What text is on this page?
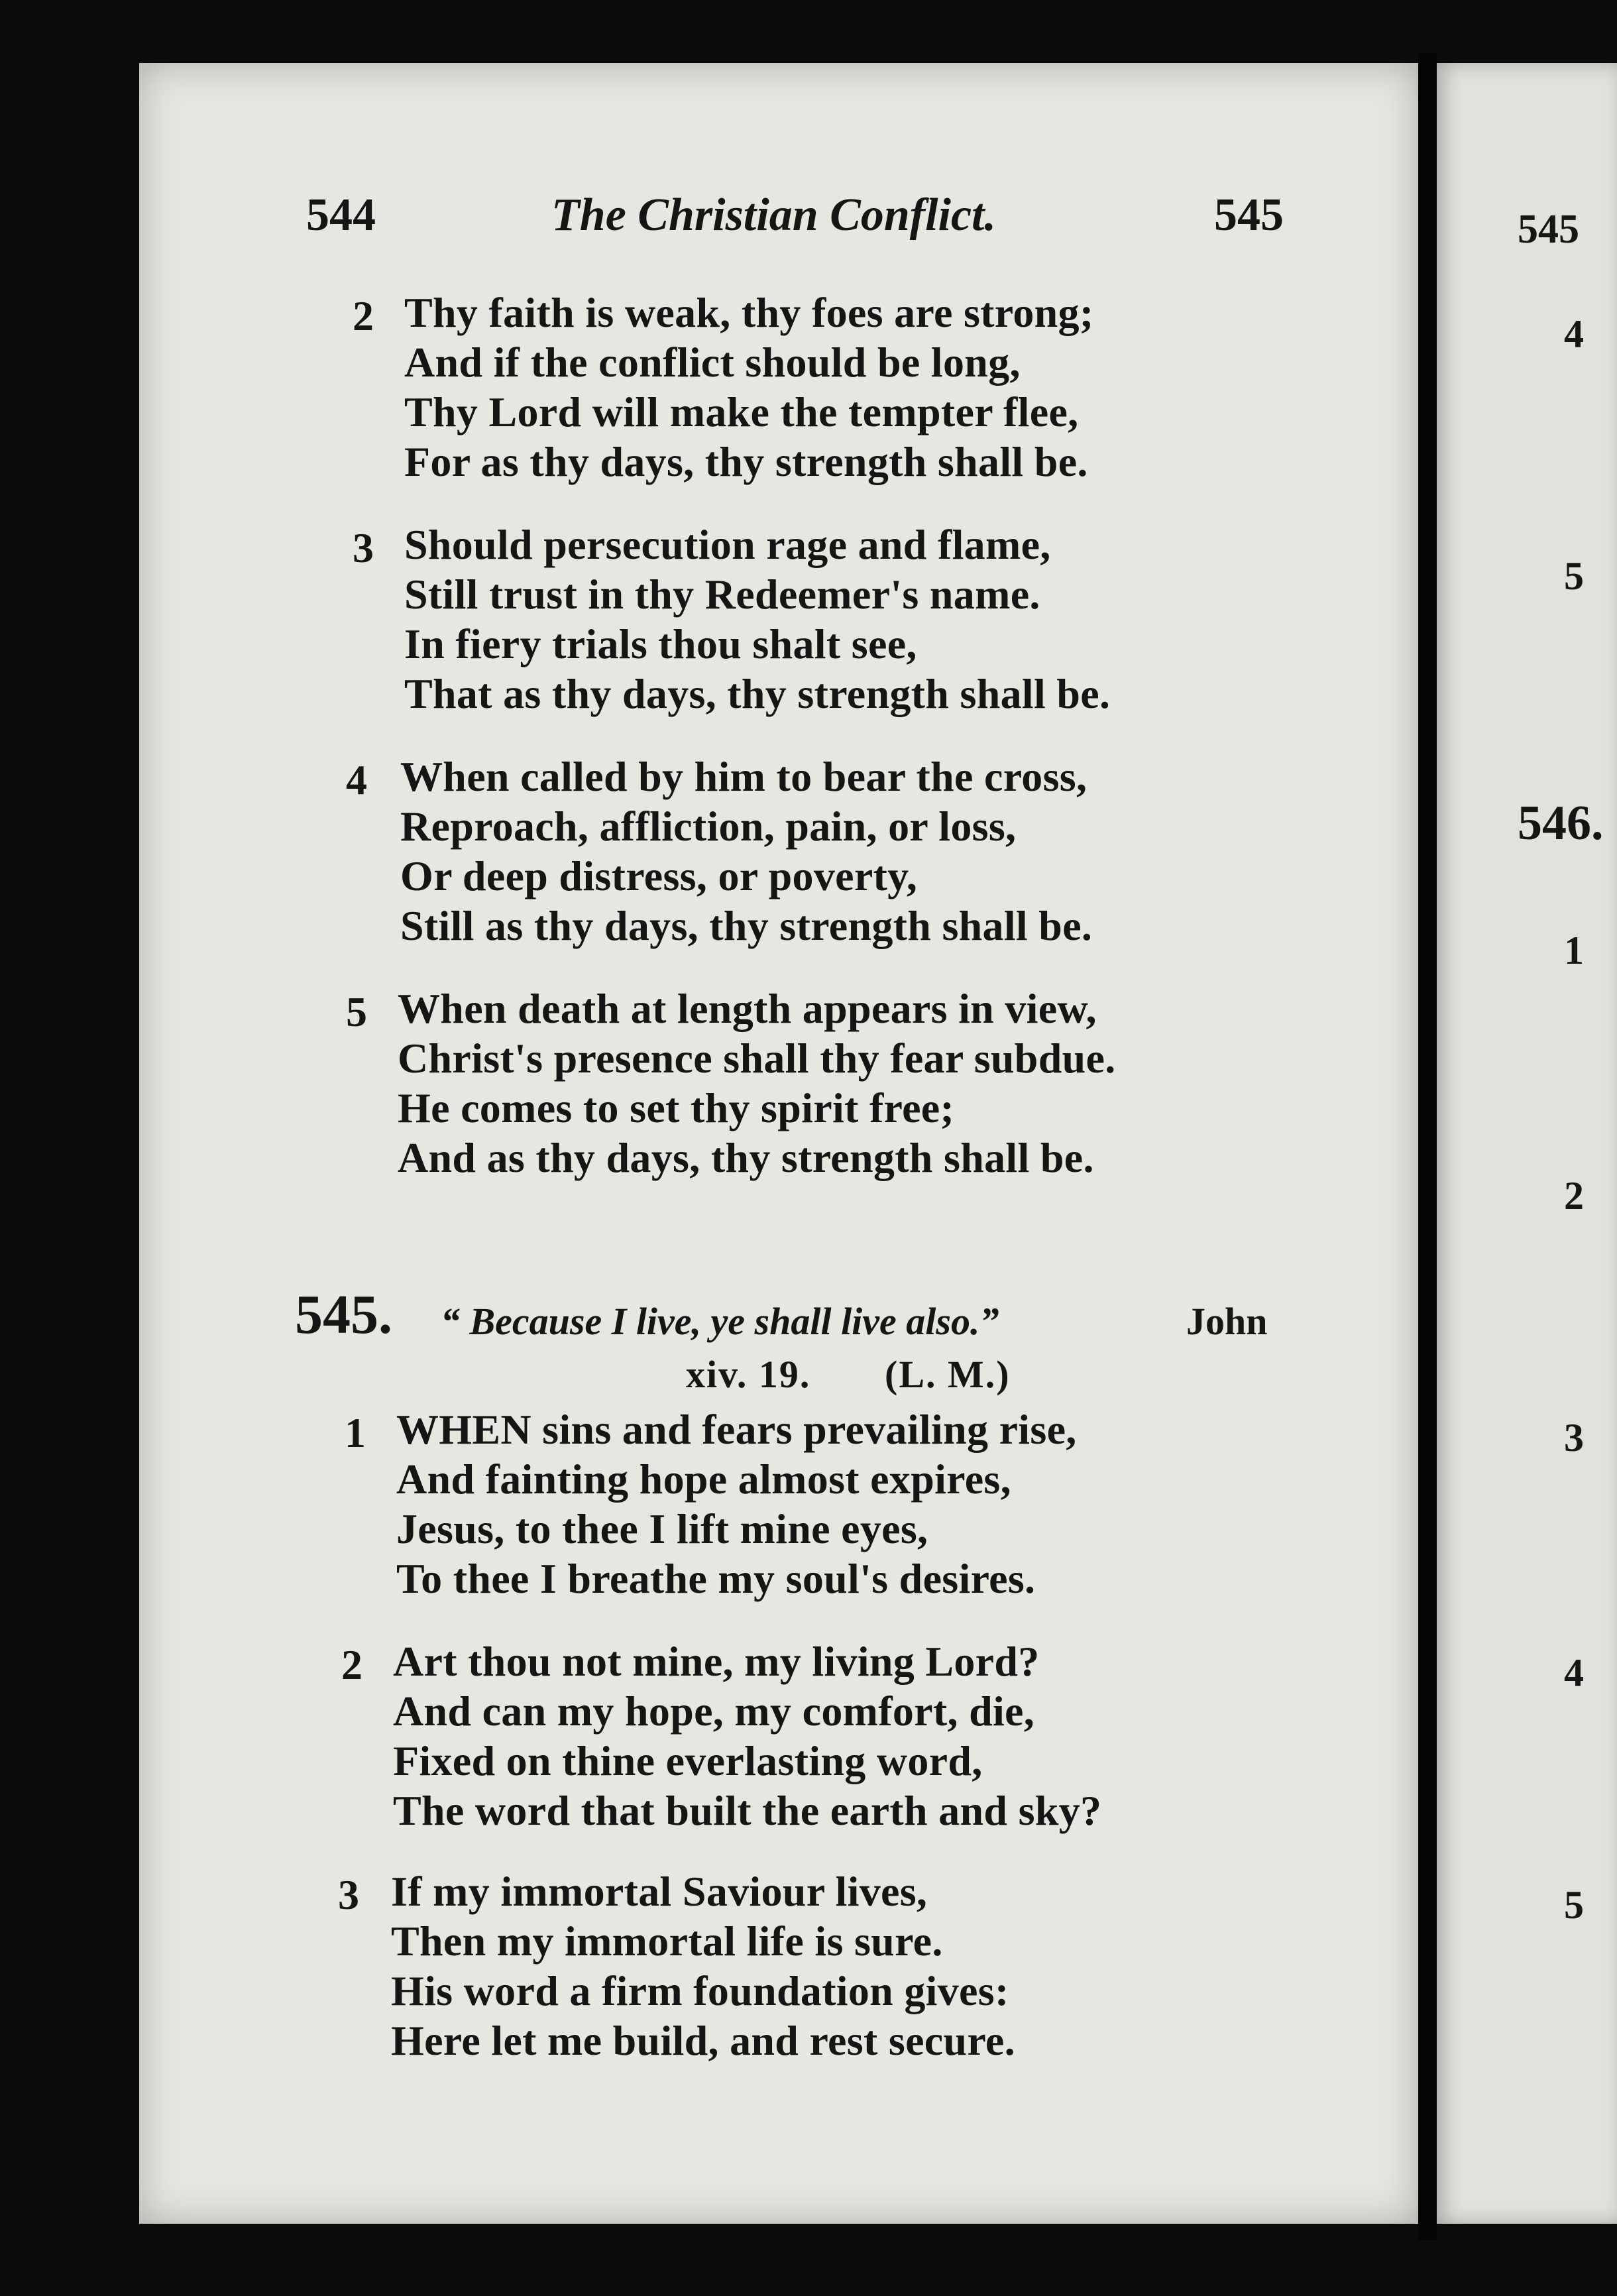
544	The Christian Conflict.	545
2 Thy faith is weak, thy foes are strong;
And if the conflict should be long,
Thy Lord will make the tempter flee,
For as thy days, thy strength shall be.
3 Should persecution rage and flame,
Still trust in thy Redeemer's name.
In fiery trials thou shalt see,
That as thy days, thy strength shall be.
4 When called by him to bear the cross,
Reproach, affliction, pain, or loss,
Or deep distress, or poverty,
Still as thy days, thy strength shall be.
5 When death at length appears in view,
Christ's presence shall thy fear subdue.
He comes to set thy spirit free;
And as thy days, thy strength shall be.
545. “ Because I live, ye shall live also.”	John
xiv. 19. (L. M.)
1 WHEN sins and fears prevailing rise,
And fainting hope almost expires,
Jesus, to thee I lift mine eyes,
To thee I breathe my soul's desires.
2 Art thou not mine, my living Lord?
And can my hope, my comfort, die,
Fixed on thine everlasting word,
The word that built the earth and sky?
3 If my immortal Saviour lives,
Then my immortal life is sure.
His word a firm foundation gives:
Here let me build, and rest secure.
545
4
5
546.
1
2
3
4
5
